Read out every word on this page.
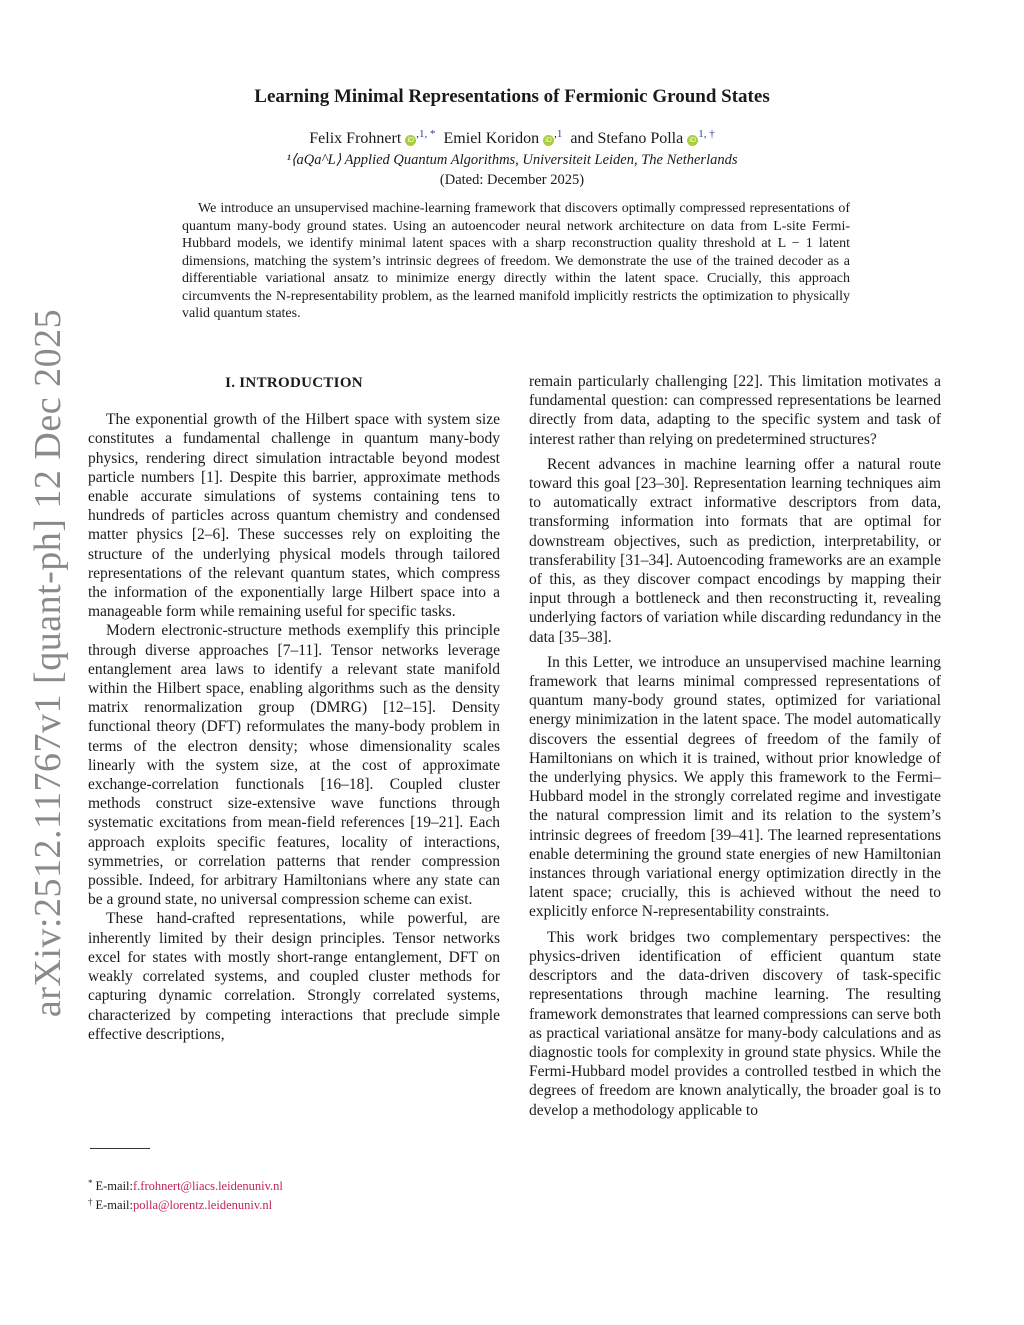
arXiv:2512.11767v1 [quant-ph] 12 Dec 2025
Learning Minimal Representations of Fermionic Ground States
Felix Frohnert $iD^{,1, *}$ Emiel Koridon $iD^{,1}$ and Stefano Polla $iD^{1, \dagger}$
¹⟨aQa^L⟩ Applied Quantum Algorithms, Universiteit Leiden, The Netherlands
(Dated: December 2025)

We introduce an unsupervised machine-learning framework that discovers optimally compressed representations of quantum many-body ground states. Using an autoencoder neural network architecture on data from L-site Fermi-Hubbard models, we identify minimal latent spaces with a sharp reconstruction quality threshold at L − 1 latent dimensions, matching the system’s intrinsic degrees of freedom. We demonstrate the use of the trained decoder as a differentiable variational ansatz to minimize energy directly within the latent space. Crucially, this approach circumvents the N-representability problem, as the learned manifold implicitly restricts the optimization to physically valid quantum states.

I. INTRODUCTION

The exponential growth of the Hilbert space with system size constitutes a fundamental challenge in quantum many-body physics, rendering direct simulation intractable beyond modest particle numbers [1]. Despite this barrier, approximate methods enable accurate simulations of systems containing tens to hundreds of particles across quantum chemistry and condensed matter physics [2–6]. These successes rely on exploiting the structure of the underlying physical models through tailored representations of the relevant quantum states, which compress the information of the exponentially large Hilbert space into a manageable form while remaining useful for specific tasks.

Modern electronic-structure methods exemplify this principle through diverse approaches [7–11]. Tensor networks leverage entanglement area laws to identify a relevant state manifold within the Hilbert space, enabling algorithms such as the density matrix renormalization group (DMRG) [12–15]. Density functional theory (DFT) reformulates the many-body problem in terms of the electron density; whose dimensionality scales linearly with the system size, at the cost of approximate exchange-correlation functionals [16–18]. Coupled cluster methods construct size-extensive wave functions through systematic excitations from mean-field references [19–21]. Each approach exploits specific features, locality of interactions, symmetries, or correlation patterns that render compression possible. Indeed, for arbitrary Hamiltonians where any state can be a ground state, no universal compression scheme can exist.

These hand-crafted representations, while powerful, are inherently limited by their design principles. Tensor networks excel for states with mostly short-range entanglement, DFT on weakly correlated systems, and coupled cluster methods for capturing dynamic correlation. Strongly correlated systems, characterized by competing interactions that preclude simple effective descriptions,

remain particularly challenging [22]. This limitation motivates a fundamental question: can compressed representations be learned directly from data, adapting to the specific system and task of interest rather than relying on predetermined structures?

Recent advances in machine learning offer a natural route toward this goal [23–30]. Representation learning techniques aim to automatically extract informative descriptors from data, transforming information into formats that are optimal for downstream objectives, such as prediction, interpretability, or transferability [31–34]. Autoencoding frameworks are an example of this, as they discover compact encodings by mapping their input through a bottleneck and then reconstructing it, revealing underlying factors of variation while discarding redundancy in the data [35–38].

In this Letter, we introduce an unsupervised machine learning framework that learns minimal compressed representations of quantum many-body ground states, optimized for variational energy minimization in the latent space. The model automatically discovers the essential degrees of freedom of the family of Hamiltonians on which it is trained, without prior knowledge of the underlying physics. We apply this framework to the Fermi–Hubbard model in the strongly correlated regime and investigate the natural compression limit and its relation to the system’s intrinsic degrees of freedom [39–41]. The learned representations enable determining the ground state energies of new Hamiltonian instances through variational energy optimization directly in the latent space; crucially, this is achieved without the need to explicitly enforce N-representability constraints.

This work bridges two complementary perspectives: the physics-driven identification of efficient quantum state descriptors and the data-driven discovery of task-specific representations through machine learning. The resulting framework demonstrates that learned compressions can serve both as practical variational ansätze for many-body calculations and as diagnostic tools for complexity in ground state physics. While the Fermi-Hubbard model provides a controlled testbed in which the degrees of freedom are known analytically, the broader goal is to develop a methodology applicable to

* E-mail:f.frohnert@liacs.leidenuniv.nl
† E-mail:polla@lorentz.leidenuniv.nl
